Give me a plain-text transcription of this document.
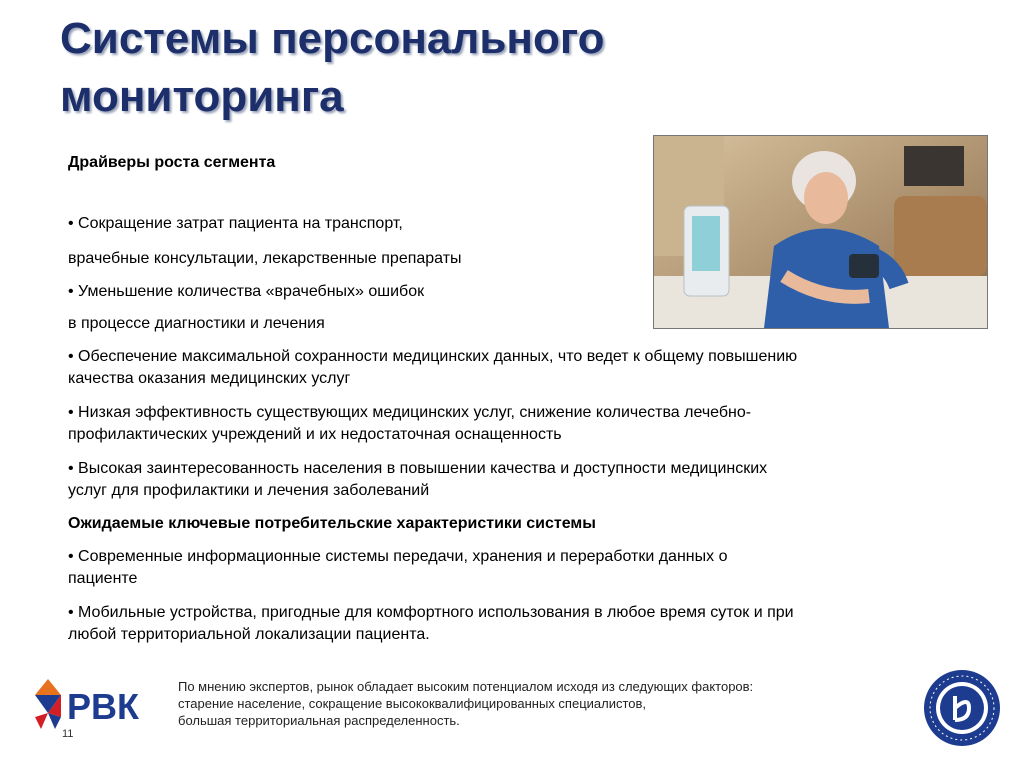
Системы персонального мониторинга

Драйверы роста сегмента

• Сокращение затрат пациента на транспорт,

врачебные консультации, лекарственные препараты

• Уменьшение количества «врачебных» ошибок

в процессе диагностики и лечения

• Обеспечение максимальной сохранности медицинских данных, что ведет к общему повышению

качества оказания медицинских услуг

• Низкая эффективность существующих медицинских услуг, снижение количества лечебно-

профилактических учреждений и их недостаточная оснащенность

• Высокая заинтересованность населения в повышении качества и доступности медицинских

услуг для профилактики и лечения заболеваний

Ожидаемые ключевые потребительские характеристики системы

• Современные информационные системы передачи, хранения и переработки данных о

пациенте

• Мобильные устройства, пригодные для комфортного использования в любое время суток и при

любой территориальной локализации пациента.

РВК
11
По мнению экспертов, рынок обладает высоким потенциалом исходя из следующих факторов:
старение население, сокращение высококвалифицированных специалистов,
большая территориальная распределенность.
